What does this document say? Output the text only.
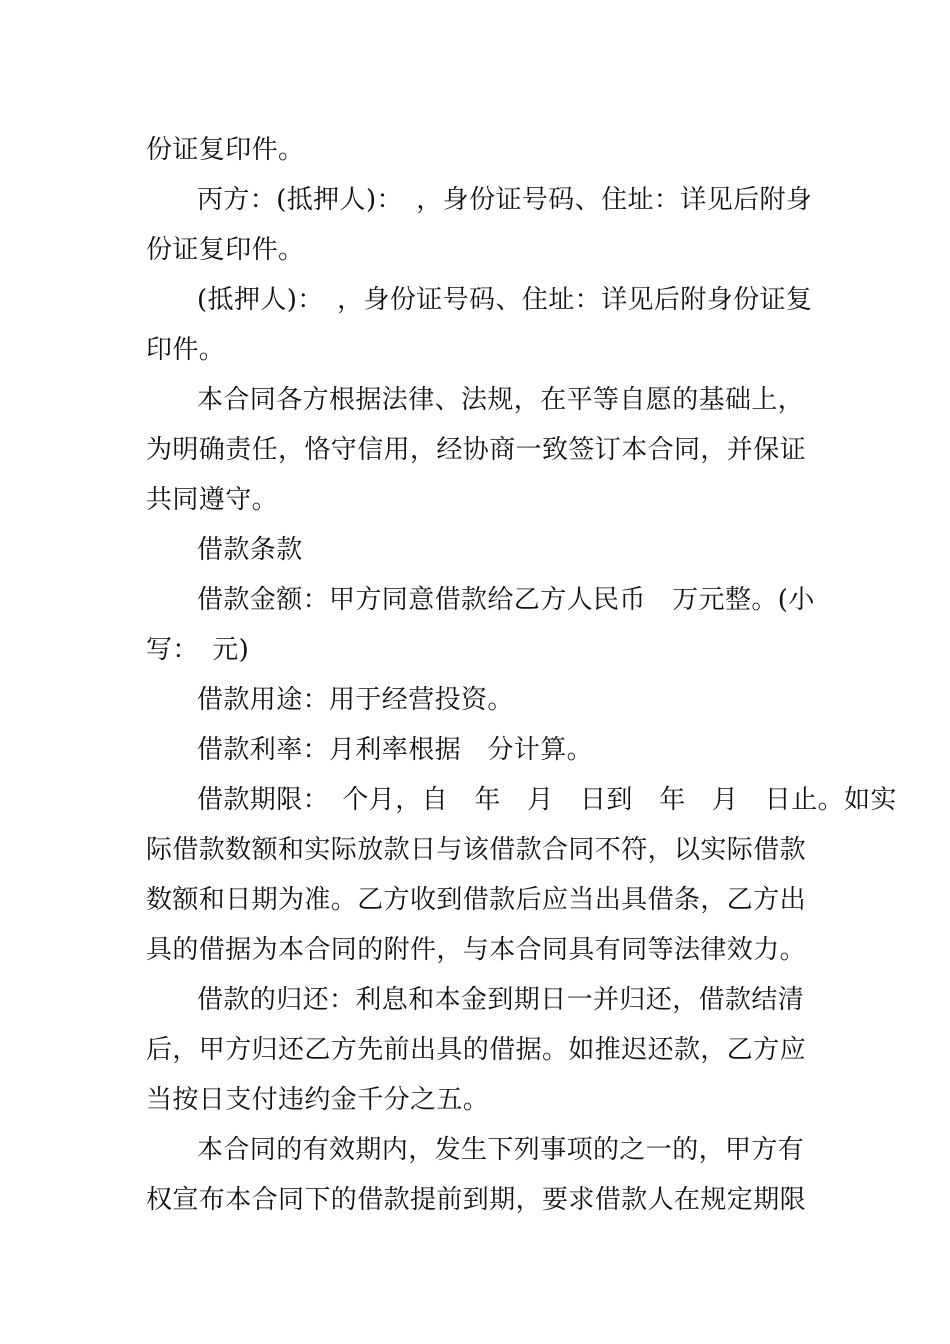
份证复印件。
丙方：(抵押人)：　，身份证号码、住址：详见后附身
份证复印件。
(抵押人)：　，身份证号码、住址：详见后附身份证复
印件。
本合同各方根据法律、法规，在平等自愿的基础上，
为明确责任，恪守信用，经协商一致签订本合同，并保证
共同遵守。
借款条款
借款金额：甲方同意借款给乙方人民币　万元整。(小
写：　元)
借款用途：用于经营投资。
借款利率：月利率根据　分计算。
借款期限：　个月，自　年　月　日到　年　月　日止。如实
际借款数额和实际放款日与该借款合同不符，以实际借款
数额和日期为准。乙方收到借款后应当出具借条，乙方出
具的借据为本合同的附件，与本合同具有同等法律效力。
借款的归还：利息和本金到期日一并归还，借款结清
后，甲方归还乙方先前出具的借据。如推迟还款，乙方应
当按日支付违约金千分之五。
本合同的有效期内，发生下列事项的之一的，甲方有
权宣布本合同下的借款提前到期，要求借款人在规定期限
